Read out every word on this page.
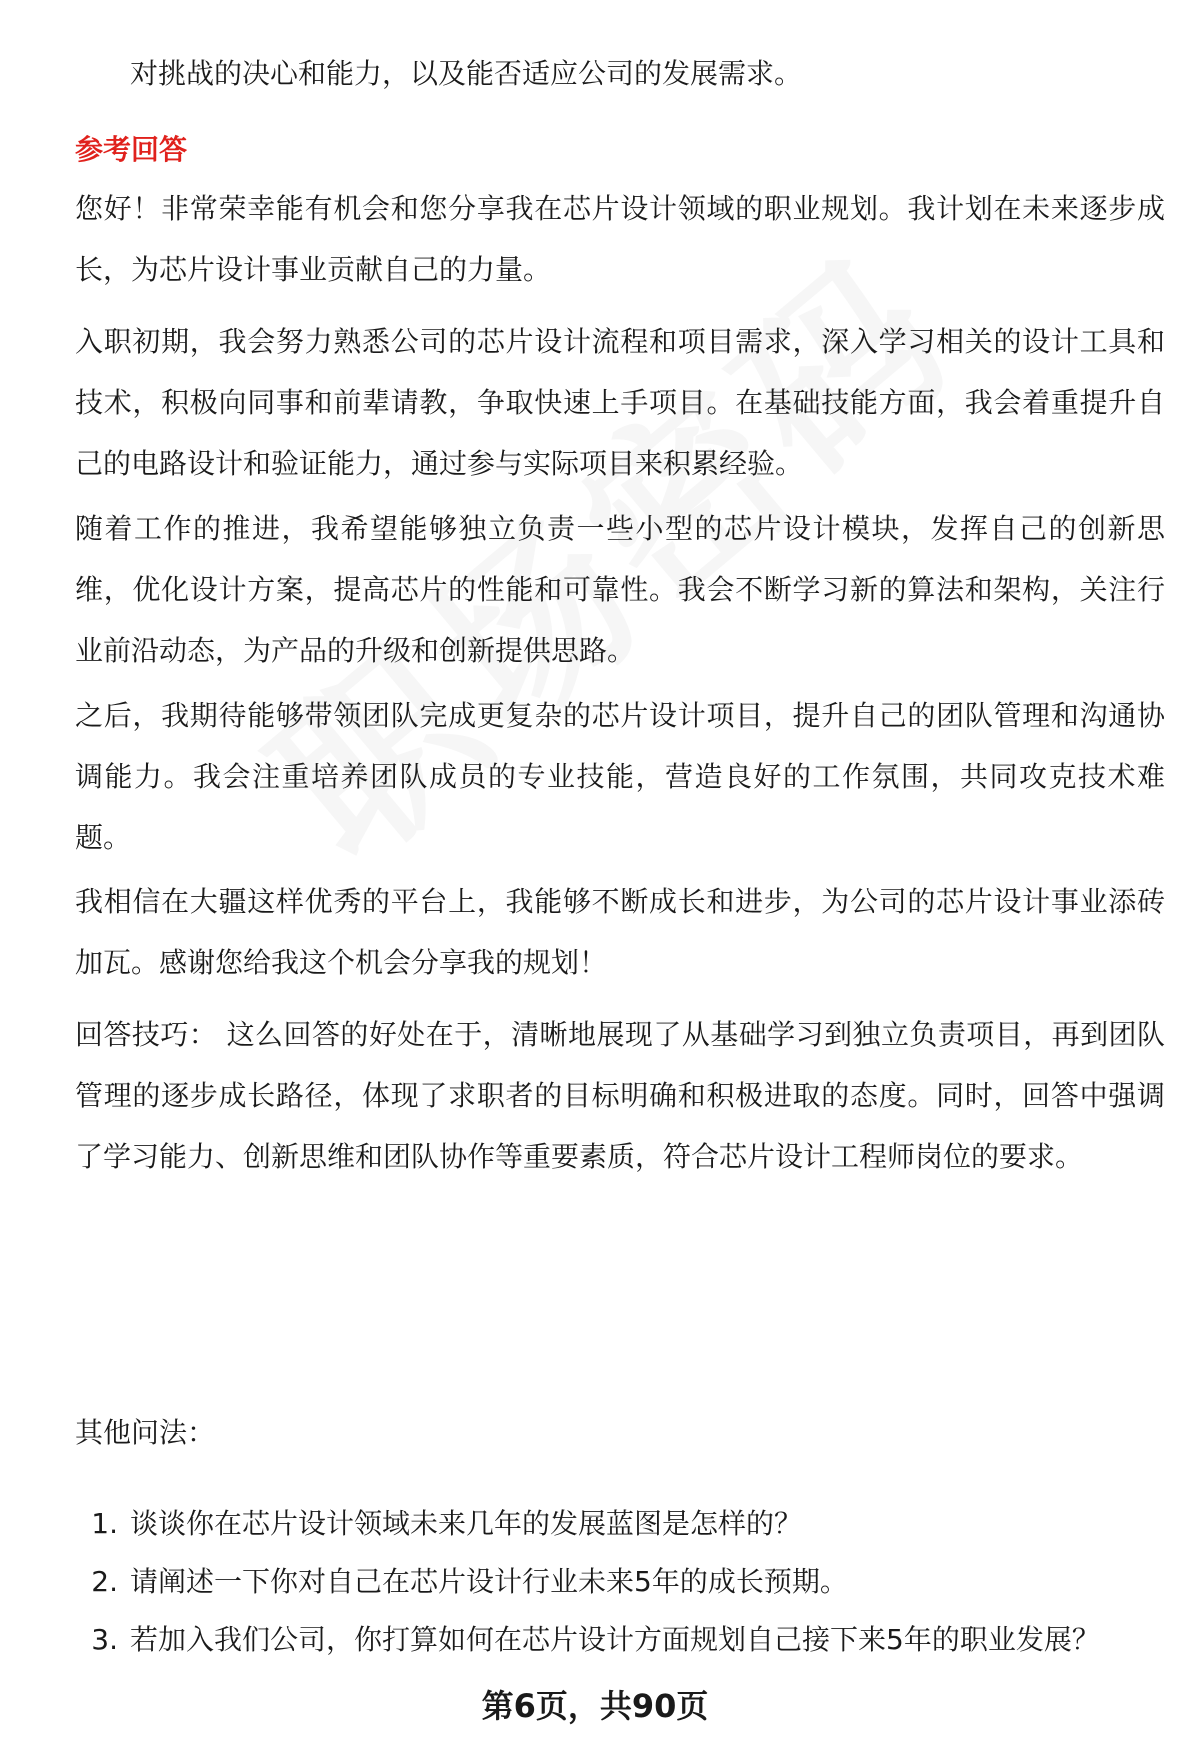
对挑战的决心和能力，以及能否适应公司的发展需求。
参考回答

您好！非常荣幸能有机会和您分享我在芯片设计领域的职业规划。我计划在未来逐步成长，为芯片设计事业贡献自己的力量。

入职初期，我会努力熟悉公司的芯片设计流程和项目需求，深入学习相关的设计工具和技术，积极向同事和前辈请教，争取快速上手项目。在基础技能方面，我会着重提升自己的电路设计和验证能力，通过参与实际项目来积累经验。

随着工作的推进，我希望能够独立负责一些小型的芯片设计模块，发挥自己的创新思维，优化设计方案，提高芯片的性能和可靠性。我会不断学习新的算法和架构，关注行业前沿动态，为产品的升级和创新提供思路。

之后，我期待能够带领团队完成更复杂的芯片设计项目，提升自己的团队管理和沟通协调能力。我会注重培养团队成员的专业技能，营造良好的工作氛围，共同攻克技术难题。

我相信在大疆这样优秀的平台上，我能够不断成长和进步，为公司的芯片设计事业添砖加瓦。感谢您给我这个机会分享我的规划！

回答技巧： 这么回答的好处在于，清晰地展现了从基础学习到独立负责项目，再到团队管理的逐步成长路径，体现了求职者的目标明确和积极进取的态度。同时，回答中强调了学习能力、创新思维和团队协作等重要素质，符合芯片设计工程师岗位的要求。

其他问法：
1. 谈谈你在芯片设计领域未来几年的发展蓝图是怎样的？
2. 请阐述一下你对自己在芯片设计行业未来5年的成长预期。
3. 若加入我们公司，你打算如何在芯片设计方面规划自己接下来5年的职业发展？
第6页，共90页
